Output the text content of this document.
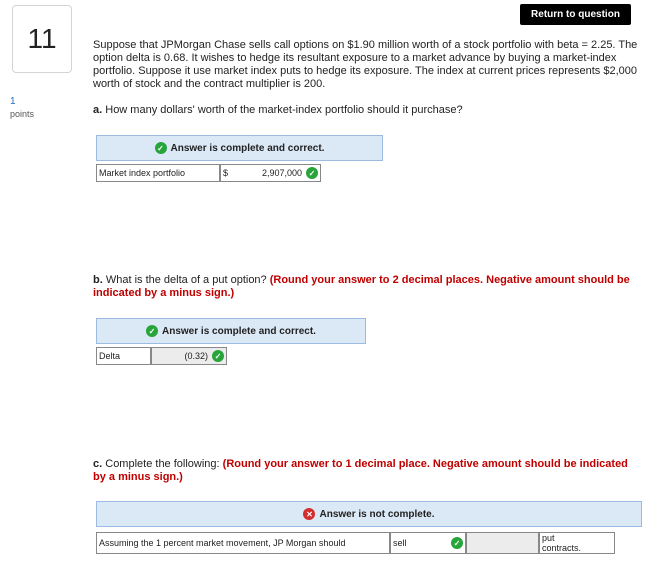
11
1
points
Return to question
Suppose that JPMorgan Chase sells call options on $1.90 million worth of a stock portfolio with beta = 2.25. The option delta is 0.68. It wishes to hedge its resultant exposure to a market advance by buying a market-index portfolio. Suppose it use market index puts to hedge its exposure. The index at current prices represents $2,000 worth of stock and the contract multiplier is 200.
a. How many dollars' worth of the market-index portfolio should it purchase?
✓ Answer is complete and correct.
Market index portfolio	$	2,907,000 ✓
b. What is the delta of a put option? (Round your answer to 2 decimal places. Negative amount should be indicated by a minus sign.)
✓ Answer is complete and correct.
Delta	(0.32) ✓
c. Complete the following: (Round your answer to 1 decimal place. Negative amount should be indicated by a minus sign.)
✕ Answer is not complete.
Assuming the 1 percent market movement, JP Morgan should	sell	✓	put
contracts.
